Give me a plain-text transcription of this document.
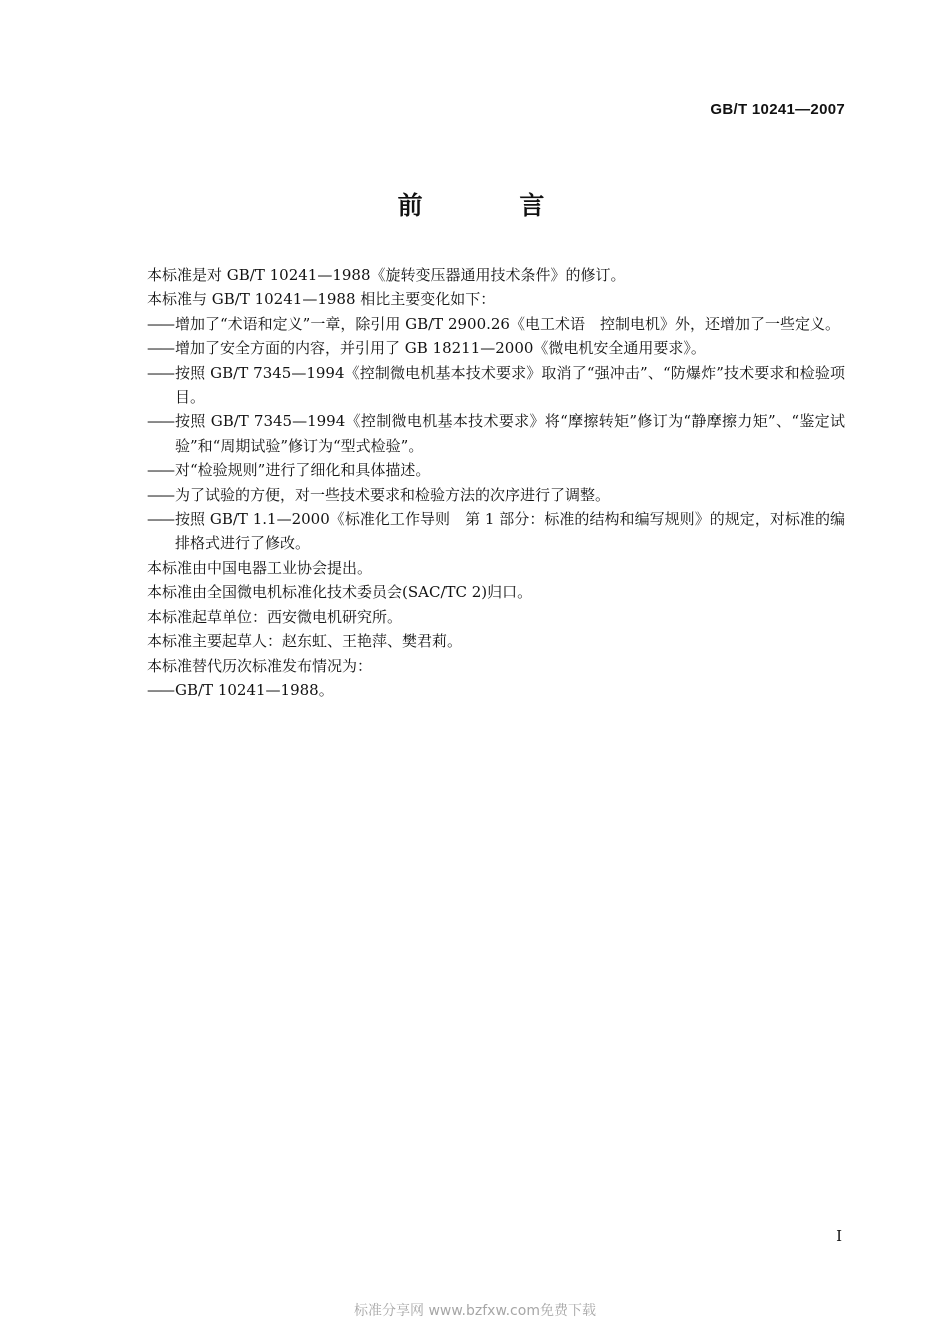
GB/T 10241—2007
前 言

本标准是对 GB/T 10241—1988《旋转变压器通用技术条件》的修订。

本标准与 GB/T 10241—1988 相比主要变化如下：

—— 增加了“术语和定义”一章，除引用 GB/T 2900.26《电工术语　控制电机》外，还增加了一些定义。

—— 增加了安全方面的内容，并引用了 GB 18211—2000《微电机安全通用要求》。

—— 按照 GB/T 7345—1994《控制微电机基本技术要求》取消了“强冲击”、“防爆炸”技术要求和检验项目。

—— 按照 GB/T 7345—1994《控制微电机基本技术要求》将“摩擦转矩”修订为“静摩擦力矩”、“鉴定试验”和“周期试验”修订为“型式检验”。

—— 对“检验规则”进行了细化和具体描述。

—— 为了试验的方便，对一些技术要求和检验方法的次序进行了调整。

—— 按照 GB/T 1.1—2000《标准化工作导则　第 1 部分：标准的结构和编写规则》的规定，对标准的编排格式进行了修改。

本标准由中国电器工业协会提出。

本标准由全国微电机标准化技术委员会(SAC/TC 2)归口。

本标准起草单位：西安微电机研究所。

本标准主要起草人：赵东虹、王艳萍、樊君莉。

本标准替代历次标准发布情况为：

—— GB/T 10241—1988。

I
标准分享网 www.bzfxw.com免费下载
